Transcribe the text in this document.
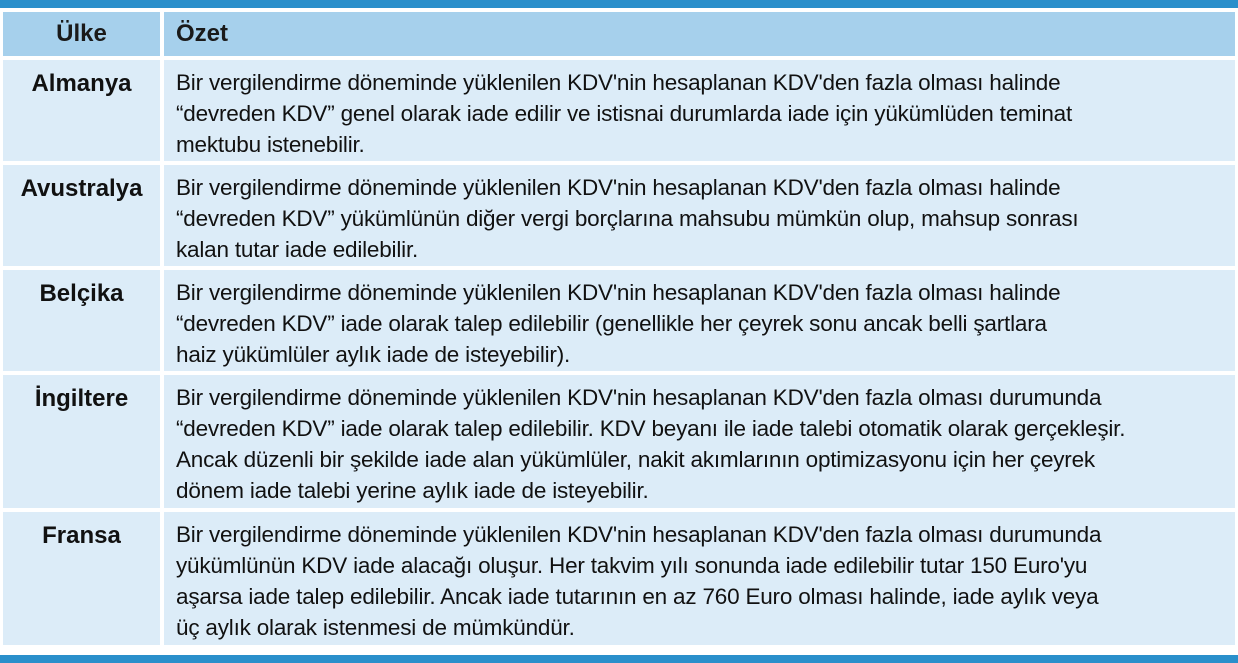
Ülke	Özet
Almanya	Bir vergilendirme döneminde yüklenilen KDV'nin hesaplanan KDV'den fazla olması halinde
“devreden KDV” genel olarak iade edilir ve istisnai durumlarda iade için yükümlüden teminat
mektubu istenebilir.
Avustralya	Bir vergilendirme döneminde yüklenilen KDV'nin hesaplanan KDV'den fazla olması halinde
“devreden KDV” yükümlünün diğer vergi borçlarına mahsubu mümkün olup, mahsup sonrası
kalan tutar iade edilebilir.
Belçika	Bir vergilendirme döneminde yüklenilen KDV'nin hesaplanan KDV'den fazla olması halinde
“devreden KDV” iade olarak talep edilebilir (genellikle her çeyrek sonu ancak belli şartlara
haiz yükümlüler aylık iade de isteyebilir).
İngiltere	Bir vergilendirme döneminde yüklenilen KDV'nin hesaplanan KDV'den fazla olması durumunda
“devreden KDV” iade olarak talep edilebilir. KDV beyanı ile iade talebi otomatik olarak gerçekleşir.
Ancak düzenli bir şekilde iade alan yükümlüler, nakit akımlarının optimizasyonu için her çeyrek
dönem iade talebi yerine aylık iade de isteyebilir.
Fransa	Bir vergilendirme döneminde yüklenilen KDV'nin hesaplanan KDV'den fazla olması durumunda
yükümlünün KDV iade alacağı oluşur. Her takvim yılı sonunda iade edilebilir tutar 150 Euro'yu
aşarsa iade talep edilebilir. Ancak iade tutarının en az 760 Euro olması halinde, iade aylık veya
üç aylık olarak istenmesi de mümkündür.
